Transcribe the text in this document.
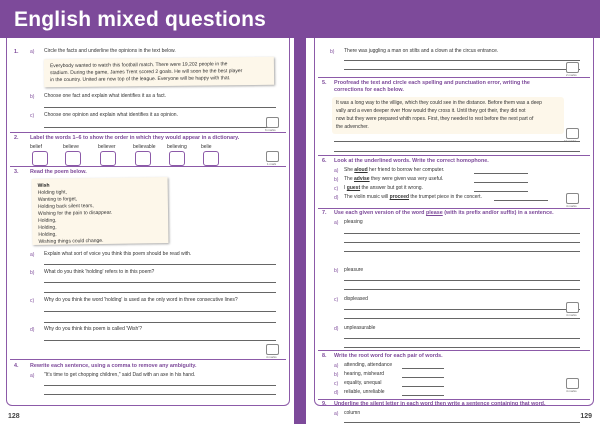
English mixed questions
1. a) Circle the facts and underline the opinions in the text below.
Everybody wanted to watch this football match. There were 19,202 people in the
stadium. During the game, James Trent scored 2 goals. He will soon be the best player
in the country. United are now top of the league. Everyone will be happy with that.
b) Choose one fact and explain what identifies it as a fact.
c) Choose one opinion and explain what identifies it as opinion.
6 marks
2. Label the words 1–6 to show the order in which they would appear in a dictionary.
belief	believe	believer	believable believing	belie
1 mark
3. Read the poem below.
Wish
Holding tight,
Wanting to forget,
Holding back silent tears,
Wishing for the pain to disappear.
Holding,
Holding,
Holding,
Wishing things could change.
a) Explain what sort of voice you think this poem should be read with.
b) What do you think 'holding' refers to in this poem?
c) Why do you think the word 'holding' is used as the only word in three consecutive lines?
d) Why do you think this poem is called 'Wish'?
4 marks
4. Rewrite each sentence, using a comma to remove any ambiguity.
a) "It's time to get chopping children," said Dad with an axe in his hand.
128
b) There was juggling a man on stilts and a clown at the circus entrance.
2 marks
5. Proofread the text and circle each spelling and punctuation error, writing the
corrections for each below.
It was a long way to the villige, which they could see in the distance. Before them was a deep
vally and a even deeper river How would they cross it. Until they got their, they did not
now but they were prepared whith ropes. First, they needed to rest before the next part of
the advencher.
10 marks
6. Look at the underlined words. Write the correct homophone.
a) She aloud her friend to borrow her computer.
b) The advise they were given was very useful.
c) I guest the answer but got it wrong.
d) The violin music will proceed the trumpet piece in the concert.
4 marks
7. Use each given version of the word please (with its prefix and/or suffix) in a sentence.
a) pleasing
b) pleasure
c) displeased
d) unpleasurable
4 marks
8. Write the root word for each pair of words.
a) attending, attendance
b) hearing, misheard
c) equality, unequal
d) reliable, unreliable	4 marks
9. Underline the silent letter in each word then write a sentence containing that word.
a) column	129
